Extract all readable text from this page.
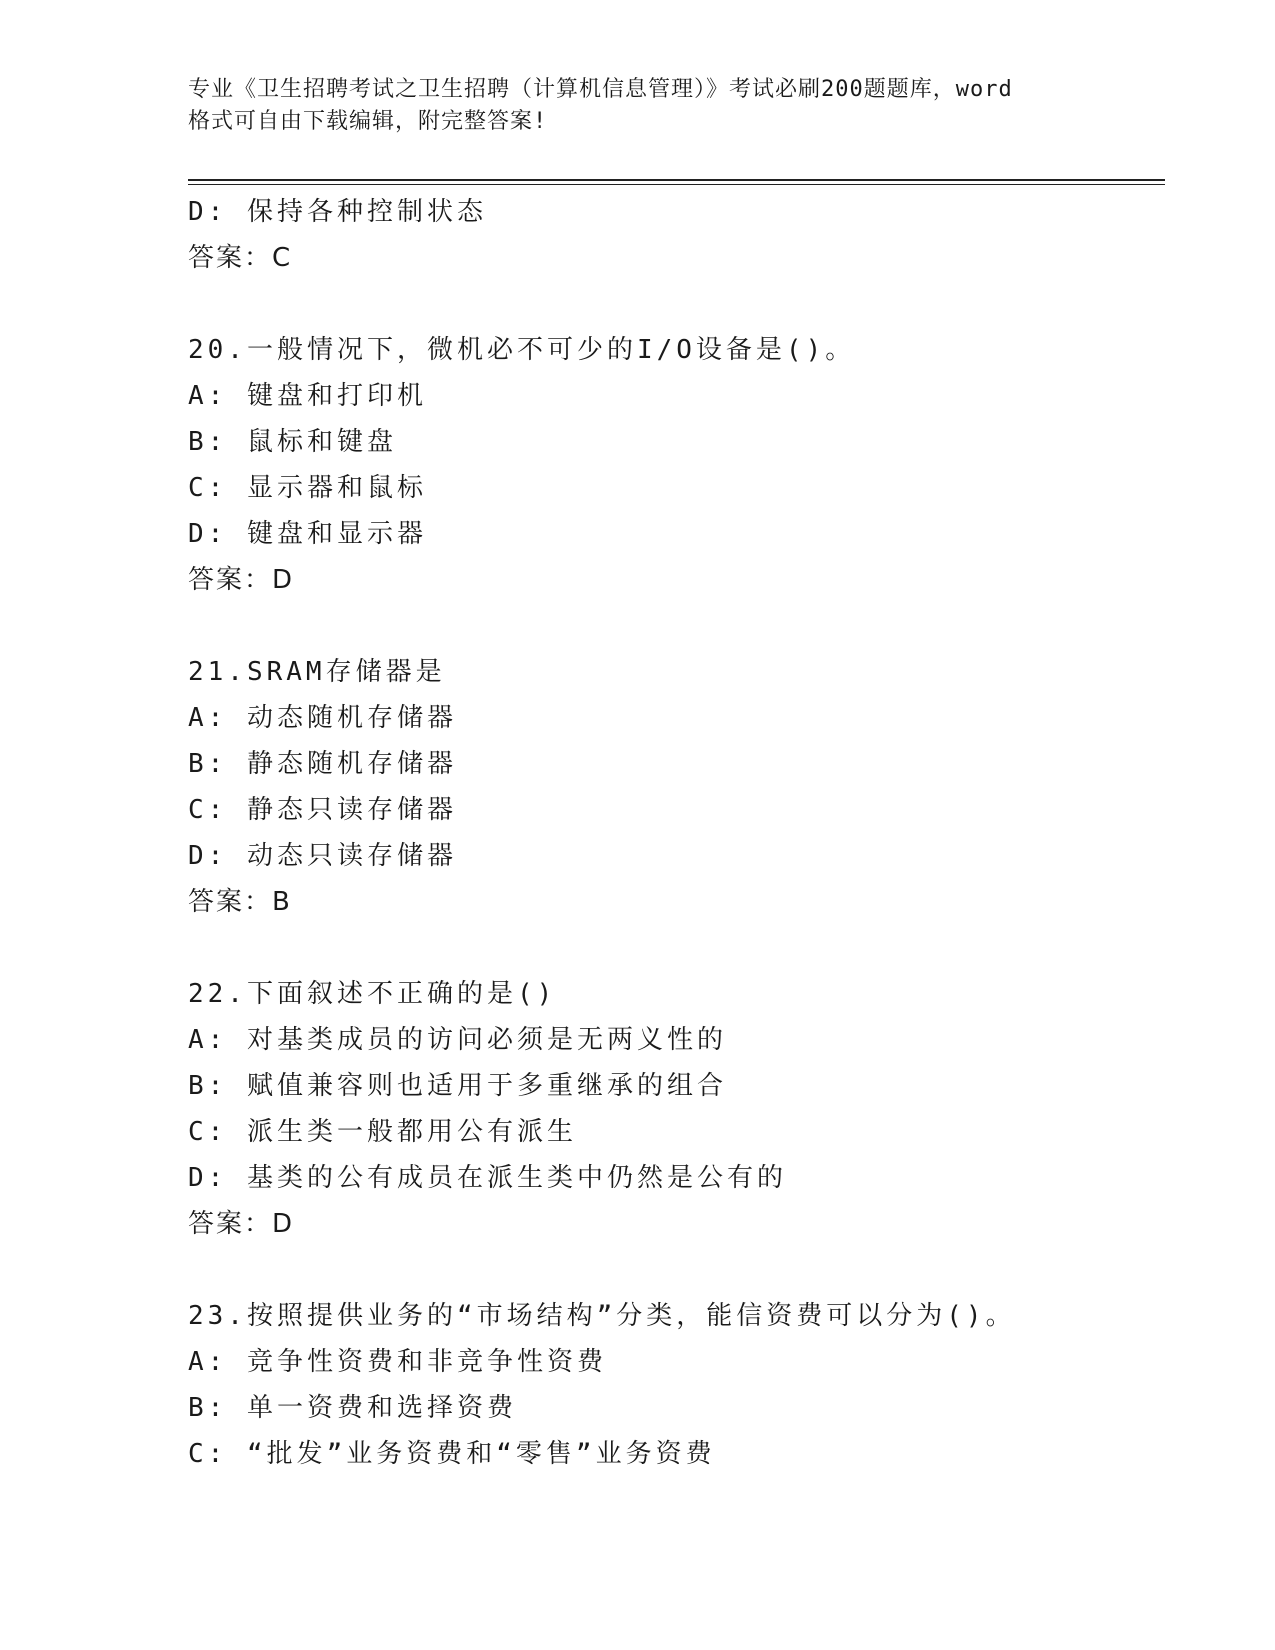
专业《卫生招聘考试之卫生招聘（计算机信息管理）》考试必刷200题题库，word
格式可自由下载编辑，附完整答案!
D: 保持各种控制状态
答案：C
20.一般情况下，微机必不可少的I/O设备是()。
A: 键盘和打印机
B: 鼠标和键盘
C: 显示器和鼠标
D: 键盘和显示器
答案：D
21.SRAM存储器是
A: 动态随机存储器
B: 静态随机存储器
C: 静态只读存储器
D: 动态只读存储器
答案：B
22.下面叙述不正确的是()
A: 对基类成员的访问必须是无两义性的
B: 赋值兼容则也适用于多重继承的组合
C: 派生类一般都用公有派生
D: 基类的公有成员在派生类中仍然是公有的
答案：D
23.按照提供业务的“市场结构”分类，能信资费可以分为()。
A: 竞争性资费和非竞争性资费
B: 单一资费和选择资费
C: “批发”业务资费和“零售”业务资费
